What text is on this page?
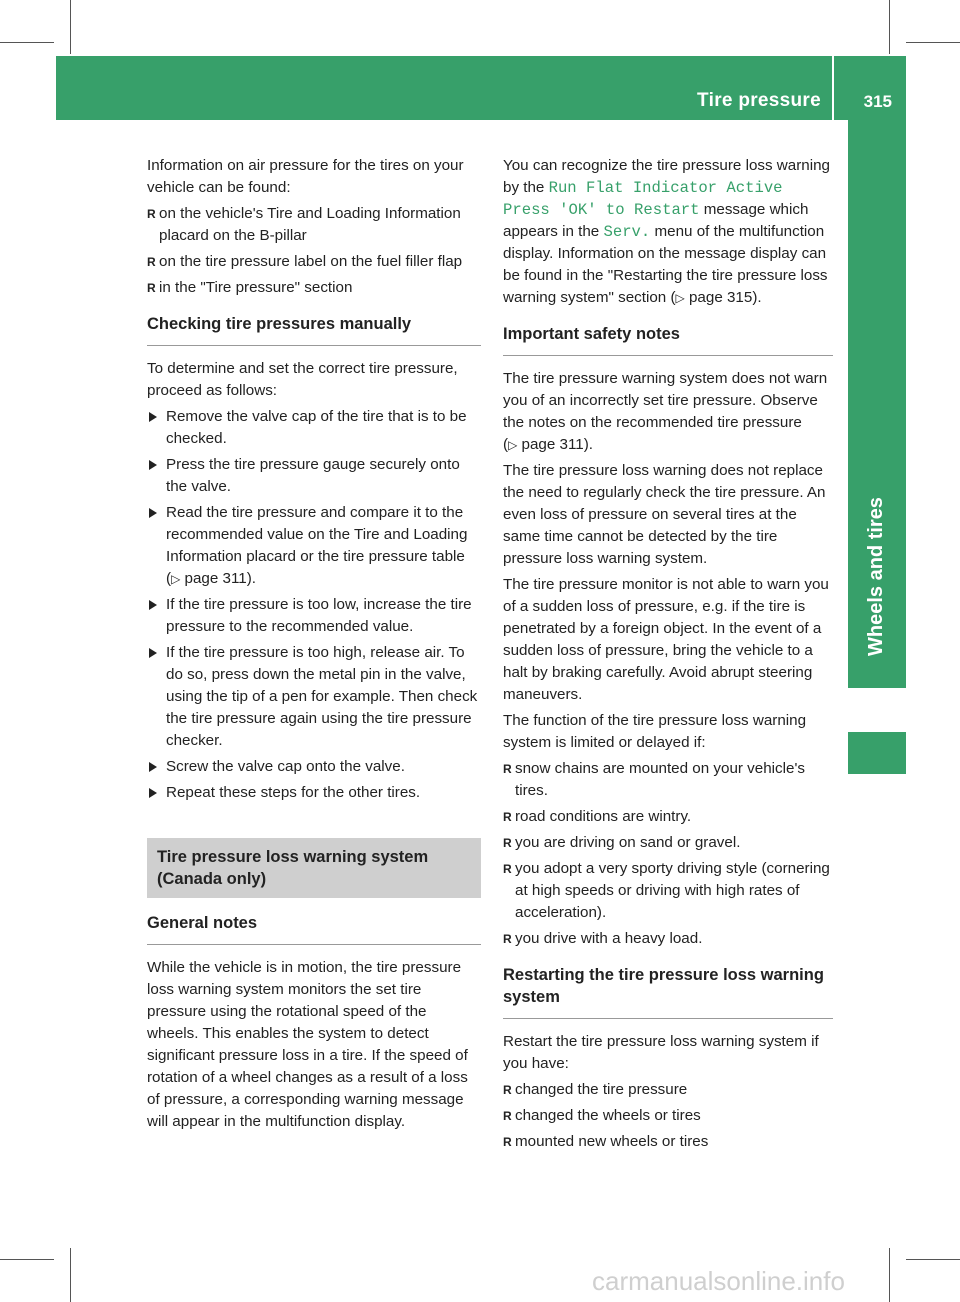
Tire pressure	315
Wheels and tires

Information on air pressure for the tires on your vehicle can be found:

R on the vehicle's Tire and Loading Information placard on the B-pillar
R on the tire pressure label on the fuel filler flap
R in the "Tire pressure" section
Checking tire pressures manually

To determine and set the correct tire pressure, proceed as follows:

Remove the valve cap of the tire that is to be checked.
Press the tire pressure gauge securely onto the valve.
Read the tire pressure and compare it to the recommended value on the Tire and Loading Information placard or the tire pressure table (▷ page 311).
If the tire pressure is too low, increase the tire pressure to the recommended value.
If the tire pressure is too high, release air. To do so, press down the metal pin in the valve, using the tip of a pen for example. Then check the tire pressure again using the tire pressure checker.
Screw the valve cap onto the valve.
Repeat these steps for the other tires.
Tire pressure loss warning system (Canada only)
General notes

While the vehicle is in motion, the tire pressure loss warning system monitors the set tire pressure using the rotational speed of the wheels. This enables the system to detect significant pressure loss in a tire. If the speed of rotation of a wheel changes as a result of a loss of pressure, a corresponding warning message will appear in the multifunction display.

You can recognize the tire pressure loss warning by the Run Flat Indicator Active Press 'OK' to Restart message which appears in the Serv. menu of the multifunction display. Information on the message display can be found in the "Restarting the tire pressure loss warning system" section (▷ page 315).

Important safety notes

The tire pressure warning system does not warn you of an incorrectly set tire pressure. Observe the notes on the recommended tire pressure (▷ page 311).

The tire pressure loss warning does not replace the need to regularly check the tire pressure. An even loss of pressure on several tires at the same time cannot be detected by the tire pressure loss warning system.

The tire pressure monitor is not able to warn you of a sudden loss of pressure, e.g. if the tire is penetrated by a foreign object. In the event of a sudden loss of pressure, bring the vehicle to a halt by braking carefully. Avoid abrupt steering maneuvers.

The function of the tire pressure loss warning system is limited or delayed if:

R snow chains are mounted on your vehicle's tires.
R road conditions are wintry.
R you are driving on sand or gravel.
R you adopt a very sporty driving style (cornering at high speeds or driving with high rates of acceleration).
R you drive with a heavy load.
Restarting the tire pressure loss warning system

Restart the tire pressure loss warning system if you have:

R changed the tire pressure
R changed the wheels or tires
R mounted new wheels or tires
carmanualsonline.info
